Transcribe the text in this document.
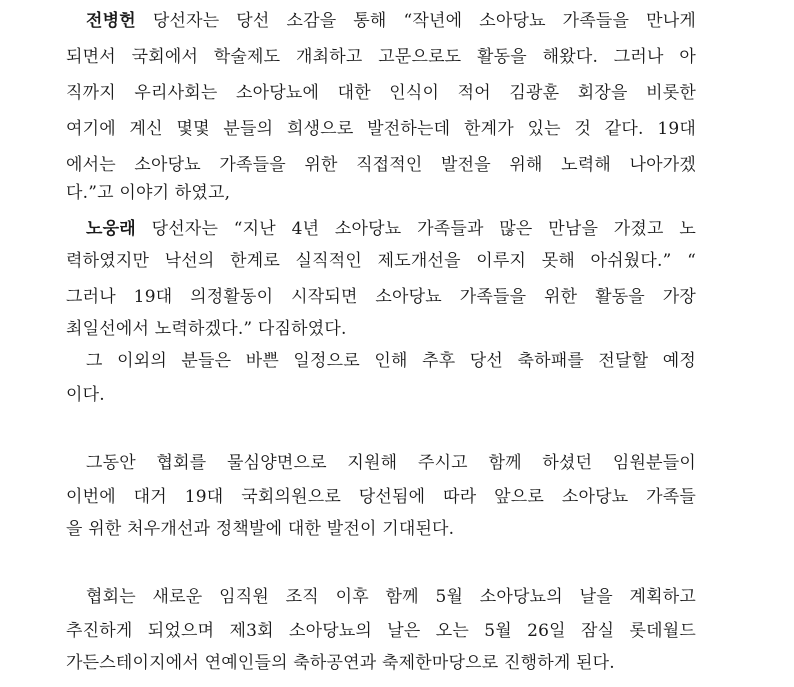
전병헌 당선자는 당선 소감을 통해 “작년에 소아당뇨 가족들을 만나게
되면서 국회에서 학술제도 개최하고 고문으로도 활동을 해왔다. 그러나 아
직까지 우리사회는 소아당뇨에 대한 인식이 적어 김광훈 회장을 비롯한
여기에 계신 몇몇 분들의 희생으로 발전하는데 한계가 있는 것 같다. 19대
에서는 소아당뇨 가족들을 위한 직접적인 발전을 위해 노력해 나아가겠
다.”고 이야기 하였고,
노웅래 당선자는 “지난 4년 소아당뇨 가족들과 많은 만남을 가졌고 노
력하였지만 낙선의 한계로 실직적인 제도개선을 이루지 못해 아쉬웠다.” “
그러나 19대 의정활동이 시작되면 소아당뇨 가족들을 위한 활동을 가장
최일선에서 노력하겠다.” 다짐하였다.
그 이외의 분들은 바쁜 일정으로 인해 추후 당선 축하패를 전달할 예정
이다.
그동안 협회를 물심양면으로 지원해 주시고 함께 하셨던 임원분들이
이번에 대거 19대 국회의원으로 당선됨에 따라 앞으로 소아당뇨 가족들
을 위한 처우개선과 정책발에 대한 발전이 기대된다.
협회는 새로운 임직원 조직 이후 함께 5월 소아당뇨의 날을 계획하고
추진하게 되었으며 제3회 소아당뇨의 날은 오는 5월 26일 잠실 롯데월드
가든스테이지에서 연예인들의 축하공연과 축제한마당으로 진행하게 된다.
